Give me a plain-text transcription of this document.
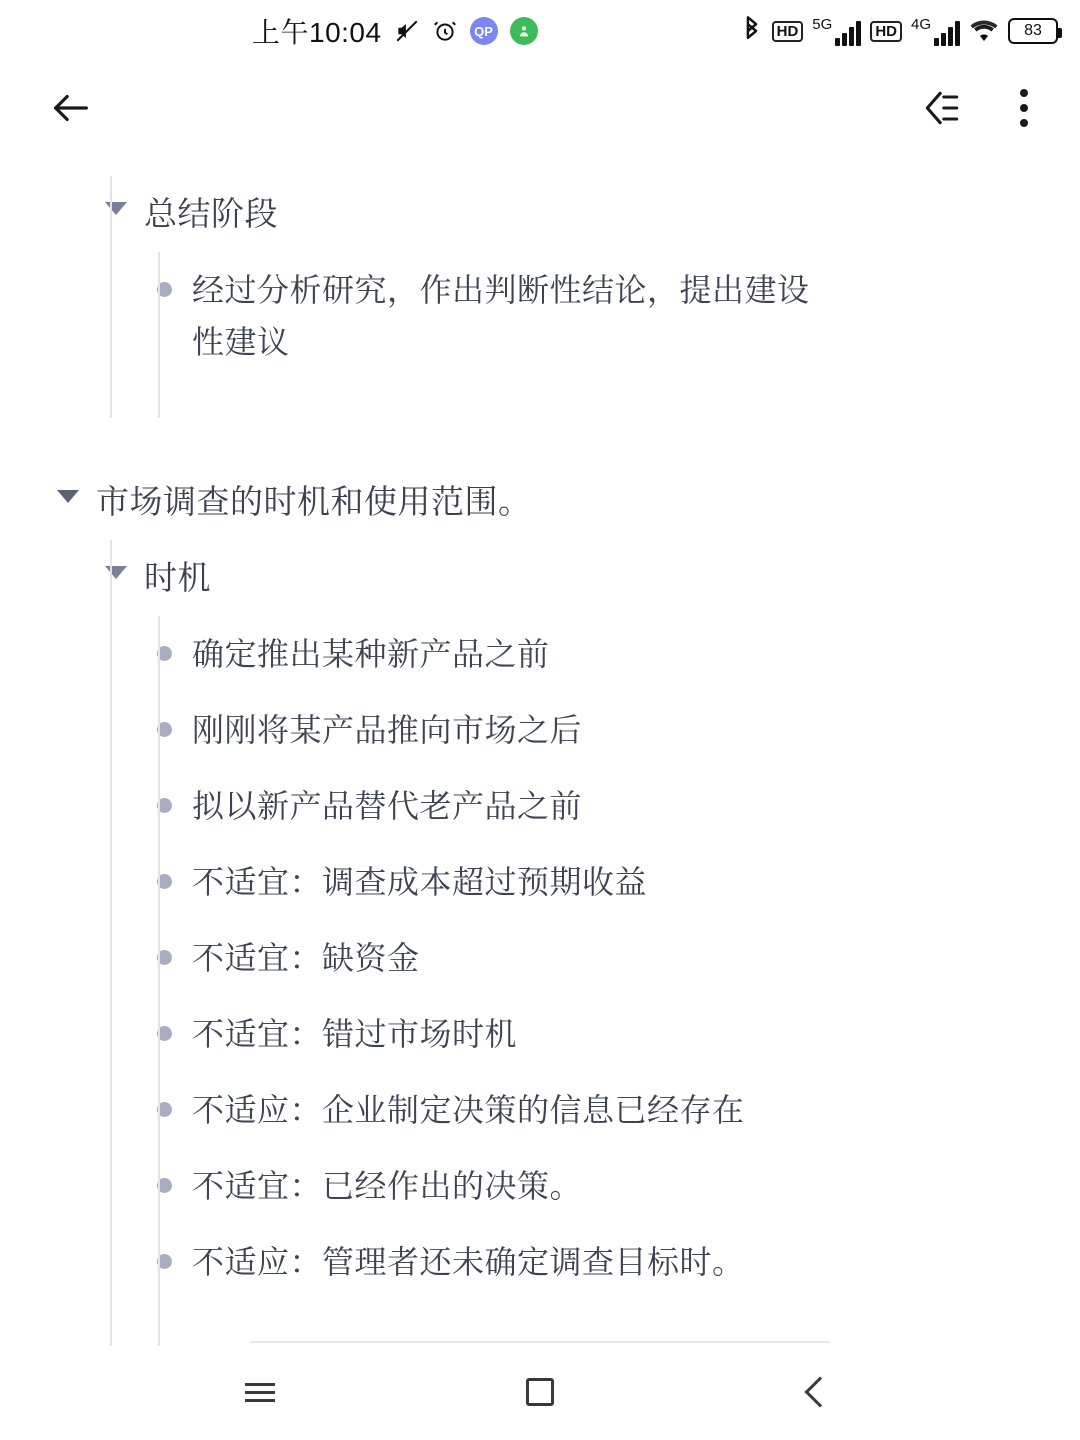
上午10:04	QP	HD 5G	HD 4G	83
总结阶段
经过分析研究，作出判断性结论，提出建设性建议
市场调查的时机和使用范围。
时机
确定推出某种新产品之前
刚刚将某产品推向市场之后
拟以新产品替代老产品之前
不适宜：调查成本超过预期收益
不适宜：缺资金
不适宜：错过市场时机
不适应：企业制定决策的信息已经存在
不适宜：已经作出的决策。
不适应：管理者还未确定调查目标时。
